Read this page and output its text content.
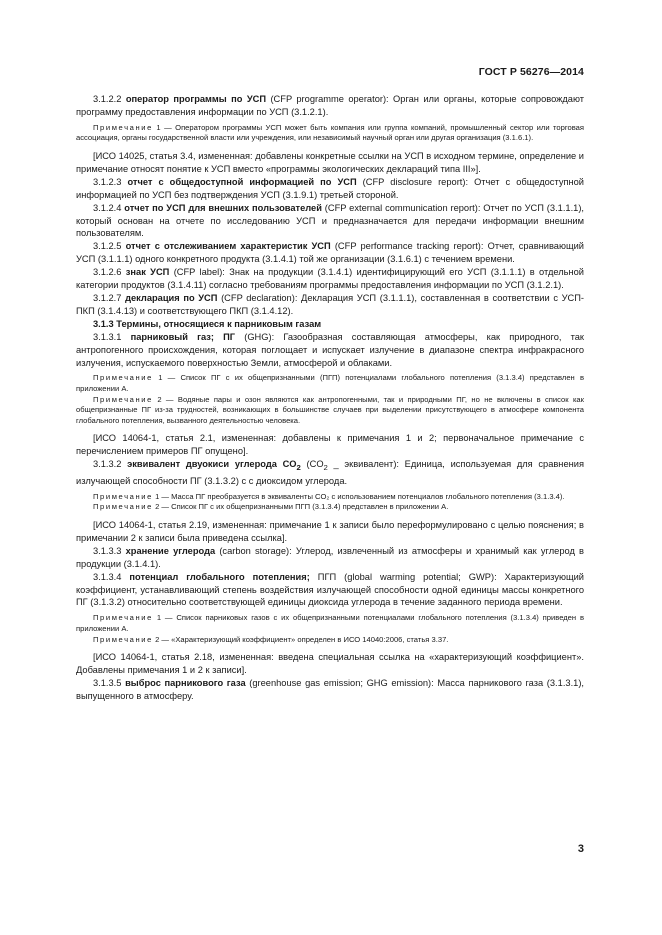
ГОСТ Р 56276—2014

3.1.2.2 оператор программы по УСП (CFP programme operator): Орган или органы, которые сопровождают программу предоставления информации по УСП (3.1.2.1).

Примечание 1 — Оператором программы УСП может быть компания или группа компаний, промышленный сектор или торговая ассоциация, органы государственной власти или учреждения, или независимый научный орган или другая организация (3.1.6.1).

[ИСО 14025, статья 3.4, измененная: добавлены конкретные ссылки на УСП в исходном термине, определение и примечание относят понятие к УСП вместо «программы экологических деклараций типа III»].

3.1.2.3 отчет с общедоступной информацией по УСП (CFP disclosure report): Отчет с общедоступной информацией по УСП без подтверждения УСП (3.1.9.1) третьей стороной.

3.1.2.4 отчет по УСП для внешних пользователей (CFP external communication report): Отчет по УСП (3.1.1.1), который основан на отчете по исследованию УСП и предназначается для передачи информации внешним пользователям.

3.1.2.5 отчет с отслеживанием характеристик УСП (CFP performance tracking report): Отчет, сравнивающий УСП (3.1.1.1) одного конкретного продукта (3.1.4.1) той же организации (3.1.6.1) с течением времени.

3.1.2.6 знак УСП (CFP label): Знак на продукции (3.1.4.1) идентифицирующий его УСП (3.1.1.1) в отдельной категории продуктов (3.1.4.11) согласно требованиям программы предоставления информации по УСП (3.1.2.1).

3.1.2.7 декларация по УСП (CFP declaration): Декларация УСП (3.1.1.1), составленная в соответствии с УСП-ПКП (3.1.4.13) и соответствующего ПКП (3.1.4.12).

3.1.3 Термины, относящиеся к парниковым газам

3.1.3.1 парниковый газ; ПГ (GHG): Газообразная составляющая атмосферы, как природного, так антропогенного происхождения, которая поглощает и испускает излучение в диапазоне спектра инфракрасного излучения, испускаемого поверхностью Земли, атмосферой и облаками.

Примечание 1 — Список ПГ с их общепризнанными (ПГП) потенциалами глобального потепления (3.1.3.4) представлен в приложении А.

Примечание 2 — Водяные пары и озон являются как антропогенными, так и природными ПГ, но не включены в список как общепризнанные ПГ из-за трудностей, возникающих в большинстве случаев при выделении присутствующего в атмосфере компонента глобального потепления, вызванного деятельностью человека.

[ИСО 14064-1, статья 2.1, измененная: добавлены к примечания 1 и 2; первоначальное примечание с перечислением примеров ПГ опущено].

3.1.3.2 эквивалент двуокиси углерода $CO_2$ ($CO_2$ _ эквивалент): Единица, используемая для сравнения излучающей способности ПГ (3.1.3.2) с с диоксидом углерода.

Примечание 1 — Масса ПГ преобразуется в эквиваленты CO₂ с использованием потенциалов глобального потепления (3.1.3.4).

Примечание 2 — Список ПГ с их общепризнанными ПГП (3.1.3.4) представлен в приложении А.

[ИСО 14064-1, статья 2.19, измененная: примечание 1 к записи было переформулировано с целью пояснения; в примечании 2 к записи была приведена ссылка].

3.1.3.3 хранение углерода (carbon storage): Углерод, извлеченный из атмосферы и хранимый как углерод в продукции (3.1.4.1).

3.1.3.4 потенциал глобального потепления; ПГП (global warming potential; GWP): Характеризующий коэффициент, устанавливающий степень воздействия излучающей способности одной единицы массы конкретного ПГ (3.1.3.2) относительно соответствующей единицы диоксида углерода в течение заданного периода времени.

Примечание 1 — Список парниковых газов с их общепризнанными потенциалами глобального потепления (3.1.3.4) приведен в приложении А.

Примечание 2 — «Характеризующий коэффициент» определен в ИСО 14040:2006, статья 3.37.

[ИСО 14064-1, статья 2.18, измененная: введена специальная ссылка на «характеризующий коэффициент». Добавлены примечания 1 и 2 к записи].

3.1.3.5 выброс парникового газа (greenhouse gas emission; GHG emission): Масса парникового газа (3.1.3.1), выпущенного в атмосферу.

3
